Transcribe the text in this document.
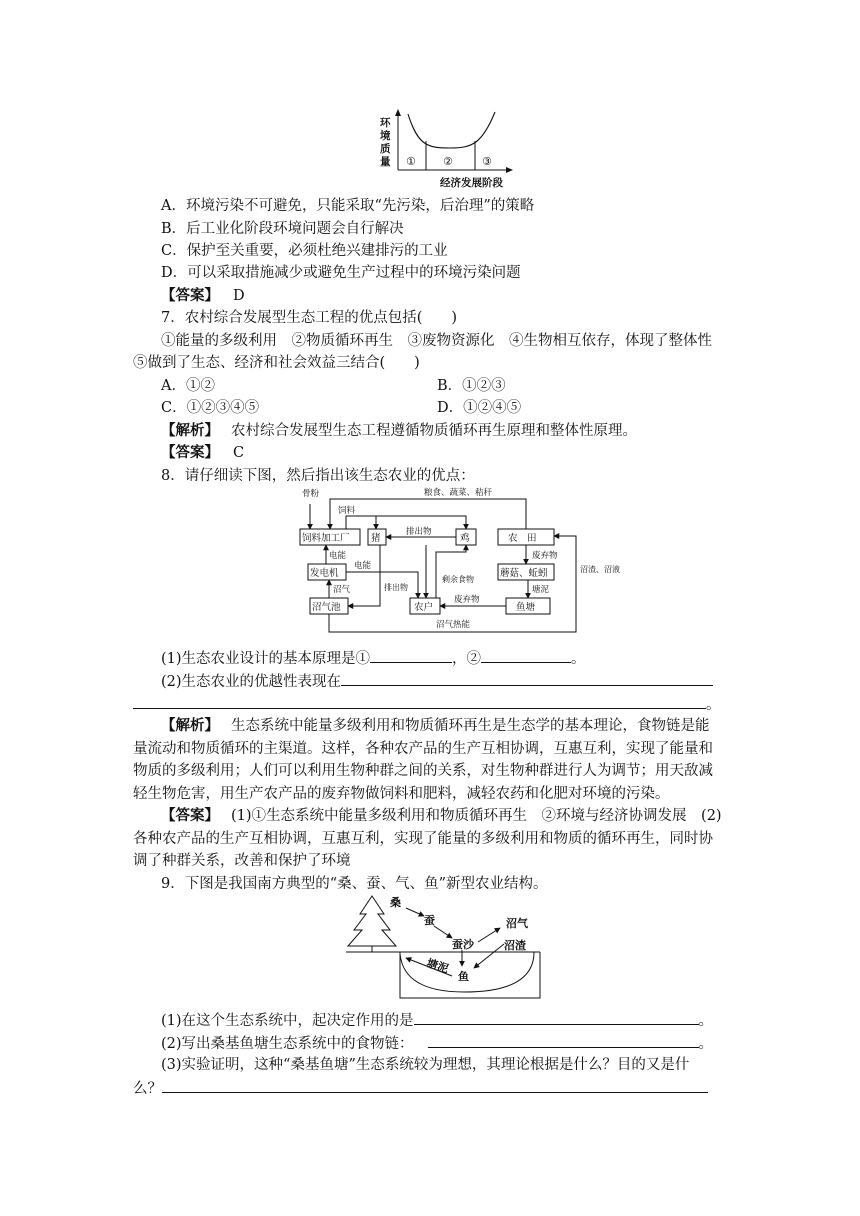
环
境
质
量 ① ②	③
经济发展阶段
A．环境污染不可避免，只能采取“先污染，后治理”的策略
B．后工业化阶段环境问题会自行解决
C．保护至关重要，必须杜绝兴建排污的工业
D．可以采取措施减少或避免生产过程中的环境污染问题
【答案】 D
7．农村综合发展型生态工程的优点包括(　　)
①能量的多级利用　②物质循环再生　③废物资源化　④生物相互依存，体现了整体性
⑤做到了生态、经济和社会效益三结合(　　)
A．①②	B．①②③
C．①②③④⑤	D．①②④⑤
【解析】 农村综合发展型生态工程遵循物质循环再生原理和整体性原理。
【答案】 C
8．请仔细读下图，然后指出该生态农业的优点：
骨粉	粮食、蔬菜、秸秆
饲料
排出物
饲料加工厂 猪	鸡	农　田
电能
电能
剩余食物
废弃物
沼渣、沼液
发电机
沼气
蘑菇、蚯蚓
塘泥
排出物
废弃物
沼气池	农户	鱼塘
沼气热能
(1)生态农业设计的基本原理是①	，②	。
(2)生态农业的优越性表现在
。
【解析】 生态系统中能量多级利用和物质循环再生是生态学的基本理论，食物链是能
量流动和物质循环的主渠道。这样，各种农产品的生产互相协调，互惠互利，实现了能量和
物质的多级利用；人们可以利用生物种群之间的关系，对生物种群进行人为调节；用天敌减
轻生物危害，用生产农产品的废弃物做饲料和肥料，减轻农药和化肥对环境的污染。
【答案】 (1)①生态系统中能量多级利用和物质循环再生　②环境与经济协调发展　(2)
各种农产品的生产互相协调，互惠互利，实现了能量的多级利用和物质的循环再生，同时协
调了种群关系，改善和保护了环境
9．下图是我国南方典型的“桑、蚕、气、鱼”新型农业结构。
桑
蚕
蚕沙
沼气
沼渣
塘泥
鱼
(1)在这个生态系统中，起决定作用的是	。
(2)写出桑基鱼塘生态系统中的食物链：	。
(3)实验证明，这种“桑基鱼塘”生态系统较为理想，其理论根据是什么？目的又是什
么？
